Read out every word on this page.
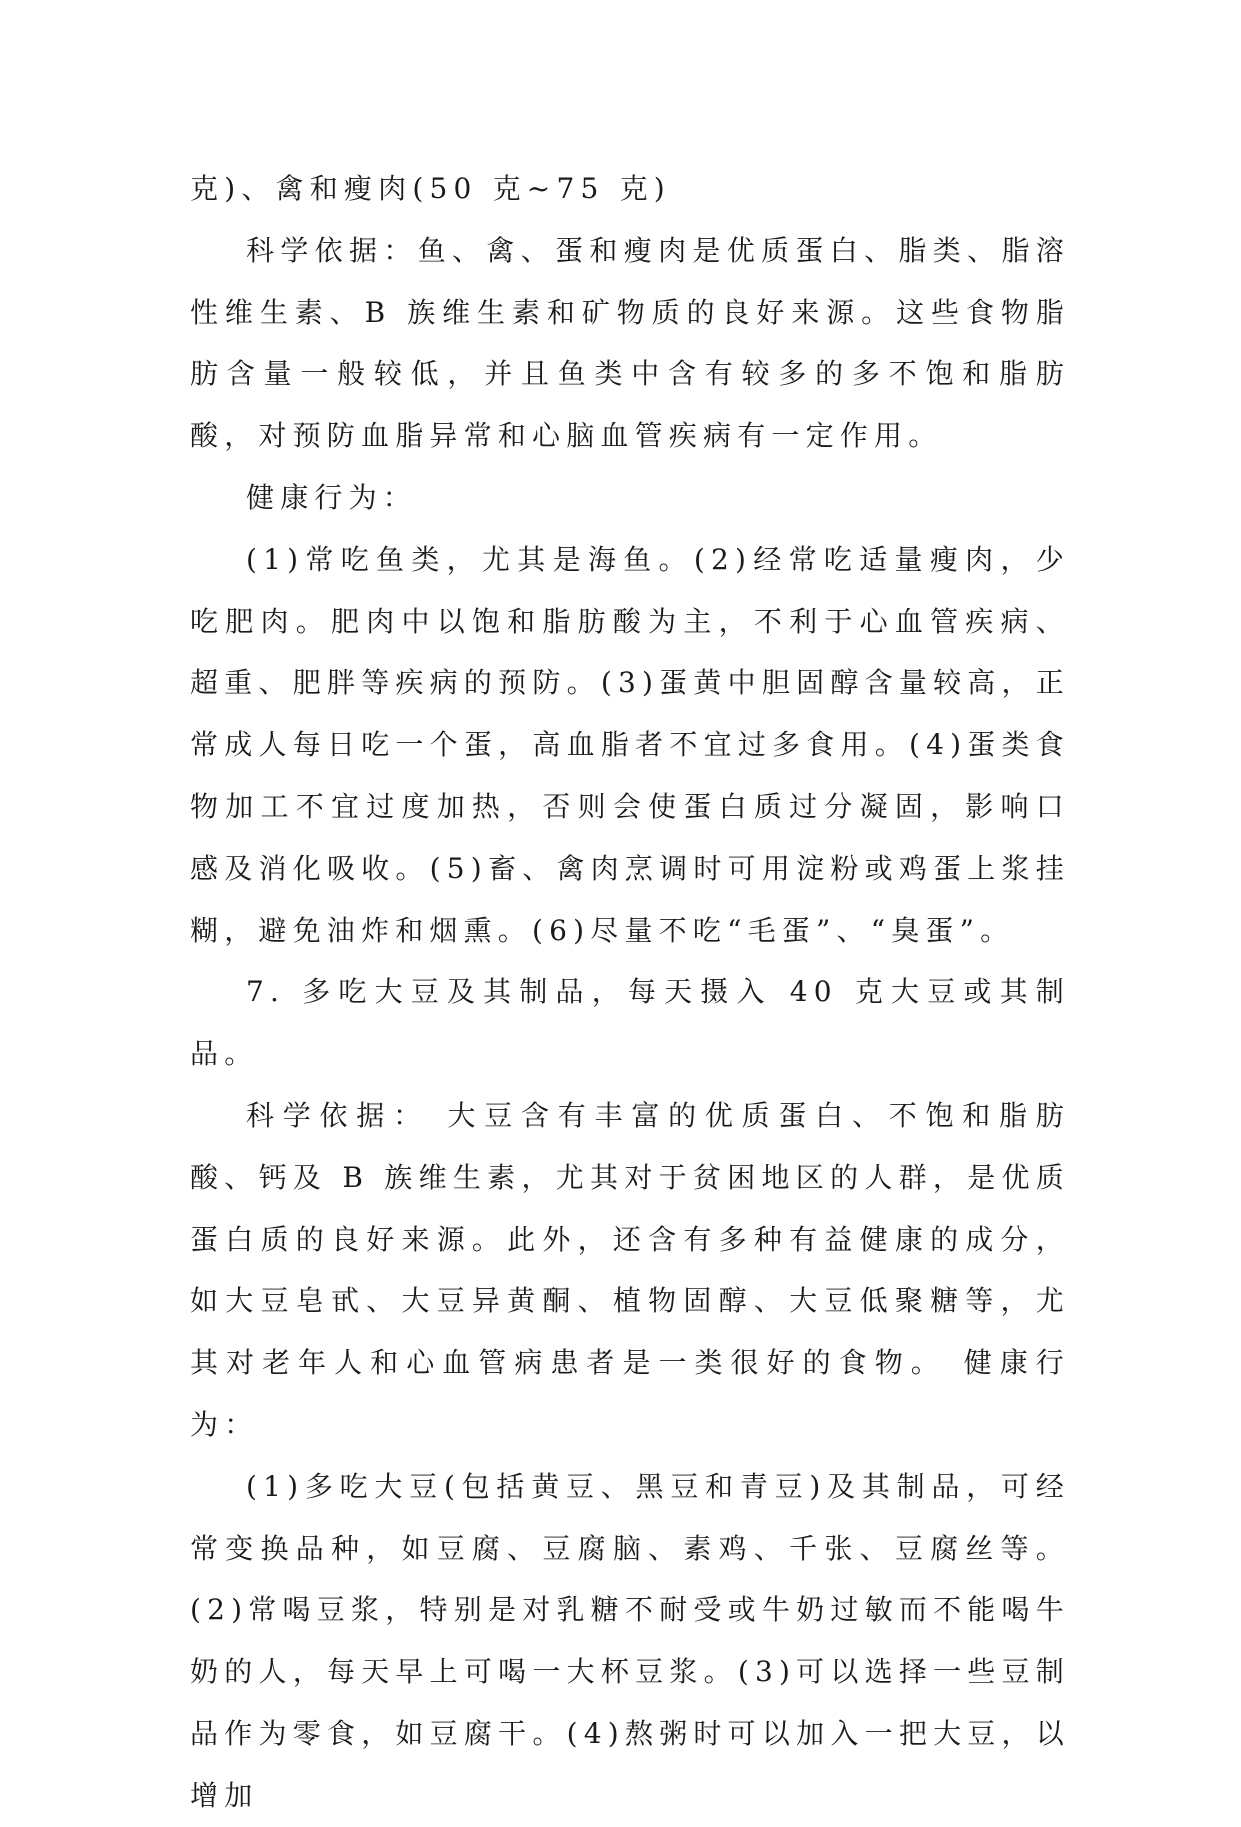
克)、禽和瘦肉(50 克~75 克)

科学依据：鱼、禽、蛋和瘦肉是优质蛋白、脂类、脂溶性维生素、B 族维生素和矿物质的良好来源。这些食物脂肪含量一般较低，并且鱼类中含有较多的多不饱和脂肪酸，对预防血脂异常和心脑血管疾病有一定作用。

健康行为：

(1)常吃鱼类，尤其是海鱼。(2)经常吃适量瘦肉，少吃肥肉。肥肉中以饱和脂肪酸为主，不利于心血管疾病、超重、肥胖等疾病的预防。(3)蛋黄中胆固醇含量较高，正常成人每日吃一个蛋，高血脂者不宜过多食用。(4)蛋类食物加工不宜过度加热，否则会使蛋白质过分凝固，影响口感及消化吸收。(5)畜、禽肉烹调时可用淀粉或鸡蛋上浆挂糊，避免油炸和烟熏。(6)尽量不吃“毛蛋”、“臭蛋”。

7. 多吃大豆及其制品，每天摄入 40 克大豆或其制品。

科学依据： 大豆含有丰富的优质蛋白、不饱和脂肪酸、钙及 B 族维生素，尤其对于贫困地区的人群，是优质蛋白质的良好来源。此外，还含有多种有益健康的成分，如大豆皂甙、大豆异黄酮、植物固醇、大豆低聚糖等，尤其对老年人和心血管病患者是一类很好的食物。 健康行为：

(1)多吃大豆(包括黄豆、黑豆和青豆)及其制品，可经常变换品种，如豆腐、豆腐脑、素鸡、千张、豆腐丝等。(2)常喝豆浆，特别是对乳糖不耐受或牛奶过敏而不能喝牛奶的人，每天早上可喝一大杯豆浆。(3)可以选择一些豆制品作为零食，如豆腐干。(4)熬粥时可以加入一把大豆，以增加
